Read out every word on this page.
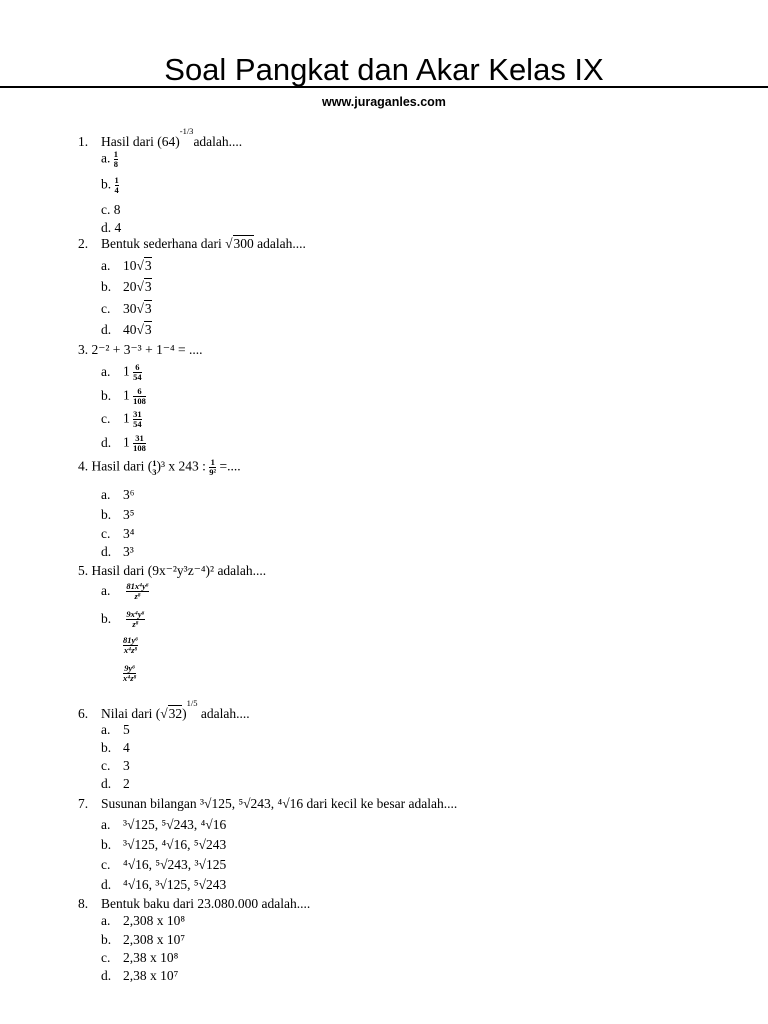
Soal Pangkat dan Akar Kelas IX
www.juraganles.com
1. Hasil dari $(64)^{-1/3}adalah$....
a. $\frac{1}{8}$
b. $\frac{1}{4}$
c. 8
d. 4
2. Bentuk sederhana dari √300 adalah....
a. 10√3
b. 20√3
c. 30√3
d. 40√3
3. 2⁻² + 3⁻³ + 1⁻⁴ = ....
a. $1 \frac{6}{54}$
b. $1 \frac{6}{108}$
c. $1 \frac{31}{54}$
d. $1 \frac{31}{108}$
4. Hasil dari ( 1
3 )³ x 243 : $\frac{1}{\text{9²}}$ =....
a. 3⁶
b. 3⁵
c. 3⁴
d. 3³
5. Hasil dari (9x⁻²y³z⁻⁴)² adalah....
a. $\frac{\text{81x⁴y⁶}}{\text{z⁸}}$
b. $\frac{\text{9x⁴y⁶}}{\text{z⁸}}$
$\frac{\text{81y⁶}}{\text{x⁴z⁸}}$
$\frac{\text{9y⁶}}{\text{x⁴z⁸}}$
6. Nilai dari $(√32)^{1/5}$ adalah....
a. 5
b. 4
c. 3
d. 2
7. Susunan bilangan ³√125, ⁵√243, ⁴√16 dari kecil ke besar adalah....
a. ³√125, ⁵√243, ⁴√16
b. ³√125, ⁴√16, ⁵√243
c. ⁴√16, ⁵√243, ³√125
d. ⁴√16, ³√125, ⁵√243
8. Bentuk baku dari 23.080.000 adalah....
a. 2,308 x 10⁸
b. 2,308 x 10⁷
c. 2,38 x 10⁸
d. 2,38 x 10⁷
